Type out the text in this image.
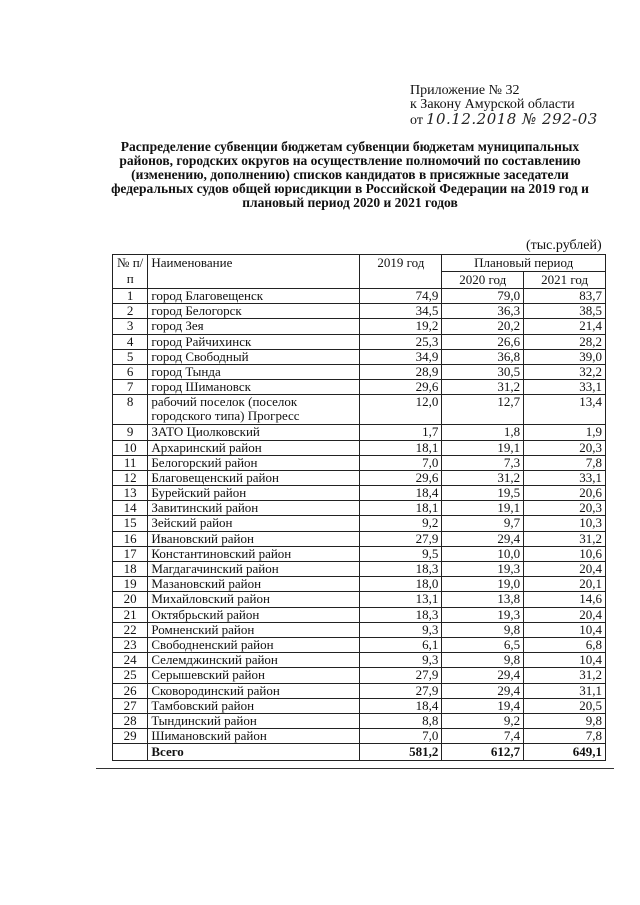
Приложение № 32
к Закону Амурской области
от 10.12.2018 № 292-03
Распределение субвенции бюджетам субвенции бюджетам муниципальных районов, городских округов на осуществление полномочий по составлению (изменению, дополнению) списков кандидатов в присяжные заседатели федеральных судов общей юрисдикции в Российской Федерации на 2019 год и плановый период 2020 и 2021 годов
(тыс.рублей)
№ п/п	Наименование	2019 год	Плановый период	
			2020 год	2021 год
1	город Благовещенск	74,9	79,0	83,7
2	город Белогорск	34,5	36,3	38,5
3	город Зея	19,2	20,2	21,4
4	город Райчихинск	25,3	26,6	28,2
5	город Свободный	34,9	36,8	39,0
6	город Тында	28,9	30,5	32,2
7	город Шимановск	29,6	31,2	33,1
8	рабочий поселок (поселок городского типа) Прогресс	12,0	12,7	13,4
9	ЗАТО Циолковский	1,7	1,8	1,9
10	Архаринский район	18,1	19,1	20,3
11	Белогорский район	7,0	7,3	7,8
12	Благовещенский район	29,6	31,2	33,1
13	Бурейский район	18,4	19,5	20,6
14	Завитинский район	18,1	19,1	20,3
15	Зейский район	9,2	9,7	10,3
16	Ивановский район	27,9	29,4	31,2
17	Константиновский район	9,5	10,0	10,6
18	Магдагачинский район	18,3	19,3	20,4
19	Мазановский район	18,0	19,0	20,1
20	Михайловский район	13,1	13,8	14,6
21	Октябрьский район	18,3	19,3	20,4
22	Ромненский район	9,3	9,8	10,4
23	Свободненский район	6,1	6,5	6,8
24	Селемджинский район	9,3	9,8	10,4
25	Серышевский район	27,9	29,4	31,2
26	Сковородинский район	27,9	29,4	31,1
27	Тамбовский район	18,4	19,4	20,5
28	Тындинский район	8,8	9,2	9,8
29	Шимановский район	7,0	7,4	7,8
	Всего	581,2	612,7	649,1
